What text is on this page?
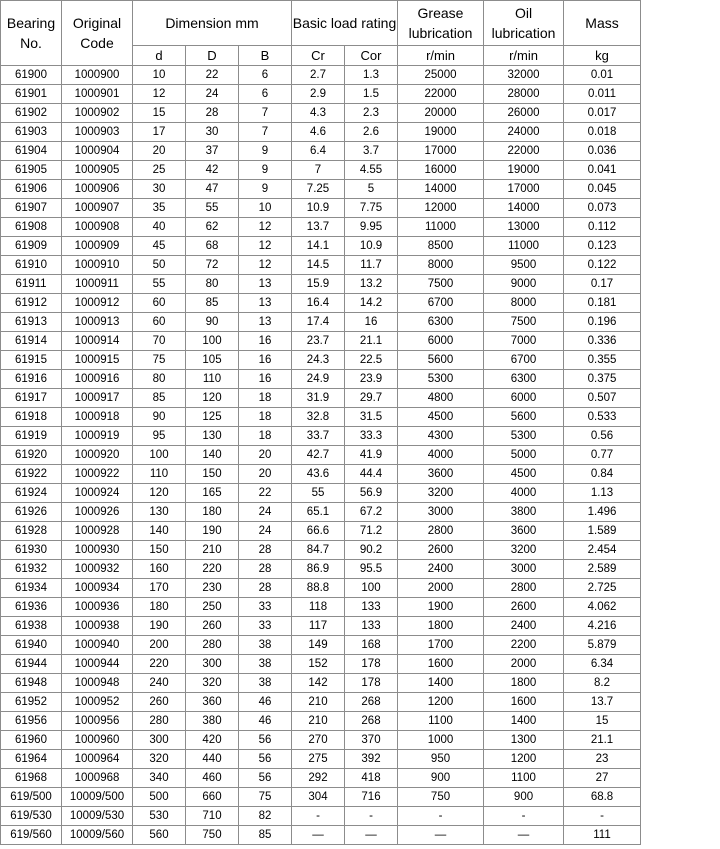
Bearing No.	Original Code	Dimension mm			Basic load rating		Grease lubrication	Oil lubrication	Mass
		d	D	B	Cr	Cor	r/min	r/min	kg
61900	1000900	10	22	6	2.7	1.3	25000	32000	0.01
61901	1000901	12	24	6	2.9	1.5	22000	28000	0.011
61902	1000902	15	28	7	4.3	2.3	20000	26000	0.017
61903	1000903	17	30	7	4.6	2.6	19000	24000	0.018
61904	1000904	20	37	9	6.4	3.7	17000	22000	0.036
61905	1000905	25	42	9	7	4.55	16000	19000	0.041
61906	1000906	30	47	9	7.25	5	14000	17000	0.045
61907	1000907	35	55	10	10.9	7.75	12000	14000	0.073
61908	1000908	40	62	12	13.7	9.95	11000	13000	0.112
61909	1000909	45	68	12	14.1	10.9	8500	11000	0.123
61910	1000910	50	72	12	14.5	11.7	8000	9500	0.122
61911	1000911	55	80	13	15.9	13.2	7500	9000	0.17
61912	1000912	60	85	13	16.4	14.2	6700	8000	0.181
61913	1000913	60	90	13	17.4	16	6300	7500	0.196
61914	1000914	70	100	16	23.7	21.1	6000	7000	0.336
61915	1000915	75	105	16	24.3	22.5	5600	6700	0.355
61916	1000916	80	110	16	24.9	23.9	5300	6300	0.375
61917	1000917	85	120	18	31.9	29.7	4800	6000	0.507
61918	1000918	90	125	18	32.8	31.5	4500	5600	0.533
61919	1000919	95	130	18	33.7	33.3	4300	5300	0.56
61920	1000920	100	140	20	42.7	41.9	4000	5000	0.77
61922	1000922	110	150	20	43.6	44.4	3600	4500	0.84
61924	1000924	120	165	22	55	56.9	3200	4000	1.13
61926	1000926	130	180	24	65.1	67.2	3000	3800	1.496
61928	1000928	140	190	24	66.6	71.2	2800	3600	1.589
61930	1000930	150	210	28	84.7	90.2	2600	3200	2.454
61932	1000932	160	220	28	86.9	95.5	2400	3000	2.589
61934	1000934	170	230	28	88.8	100	2000	2800	2.725
61936	1000936	180	250	33	118	133	1900	2600	4.062
61938	1000938	190	260	33	117	133	1800	2400	4.216
61940	1000940	200	280	38	149	168	1700	2200	5.879
61944	1000944	220	300	38	152	178	1600	2000	6.34
61948	1000948	240	320	38	142	178	1400	1800	8.2
61952	1000952	260	360	46	210	268	1200	1600	13.7
61956	1000956	280	380	46	210	268	1100	1400	15
61960	1000960	300	420	56	270	370	1000	1300	21.1
61964	1000964	320	440	56	275	392	950	1200	23
61968	1000968	340	460	56	292	418	900	1100	27
619/500	10009/500	500	660	75	304	716	750	900	68.8
619/530	10009/530	530	710	82	-	-	-	-	-
619/560	10009/560	560	750	85	—	—	—	—	111
